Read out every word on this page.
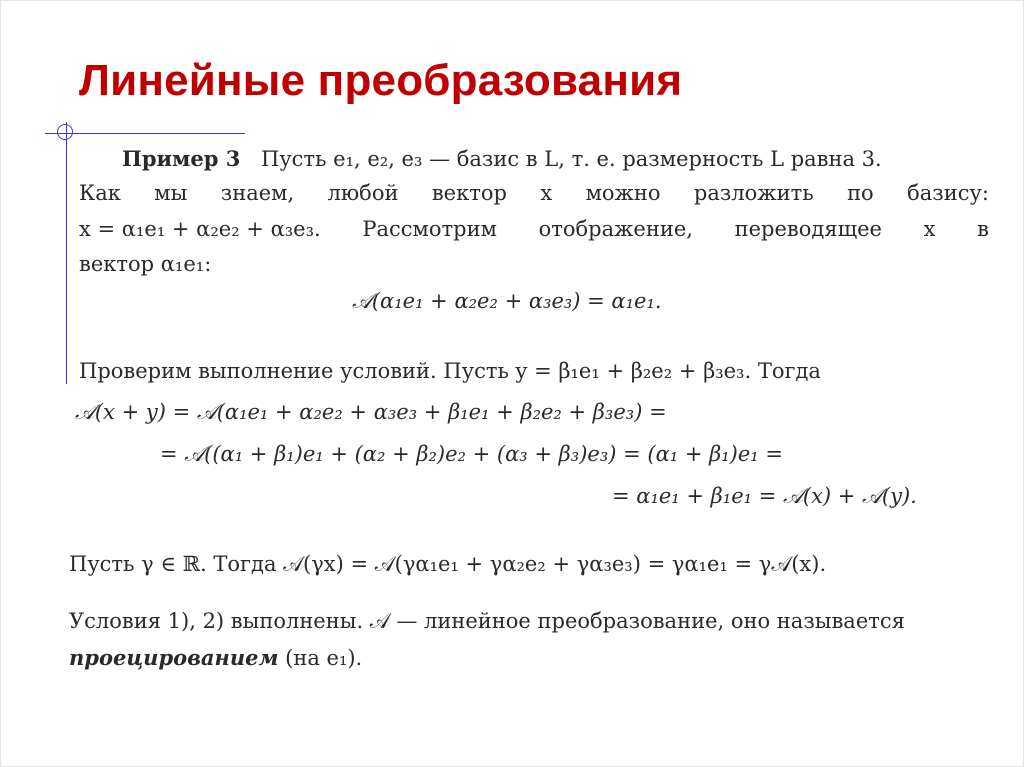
Линейные преобразования
Пример 3 Пусть e₁, e₂, e₃ — базис в L, т. е. размерность L равна 3.
Как мы знаем, любой вектор x можно разложить по базису:
x = α₁e₁ + α₂e₂ + α₃e₃. Рассмотрим отображение, переводящее x в
вектор α₁e₁:
𝒜(α₁e₁ + α₂e₂ + α₃e₃) = α₁e₁.
Проверим выполнение условий. Пусть y = β₁e₁ + β₂e₂ + β₃e₃. Тогда
𝒜(x + y) = 𝒜(α₁e₁ + α₂e₂ + α₃e₃ + β₁e₁ + β₂e₂ + β₃e₃) =
= 𝒜((α₁ + β₁)e₁ + (α₂ + β₂)e₂ + (α₃ + β₃)e₃) = (α₁ + β₁)e₁ =
= α₁e₁ + β₁e₁ = 𝒜(x) + 𝒜(y).
Пусть γ ∈ ℝ. Тогда 𝒜(γx) = 𝒜(γα₁e₁ + γα₂e₂ + γα₃e₃) = γα₁e₁ = γ𝒜(x).
Условия 1), 2) выполнены. 𝒜 — линейное преобразование, оно называется
проецированием (на e₁).
